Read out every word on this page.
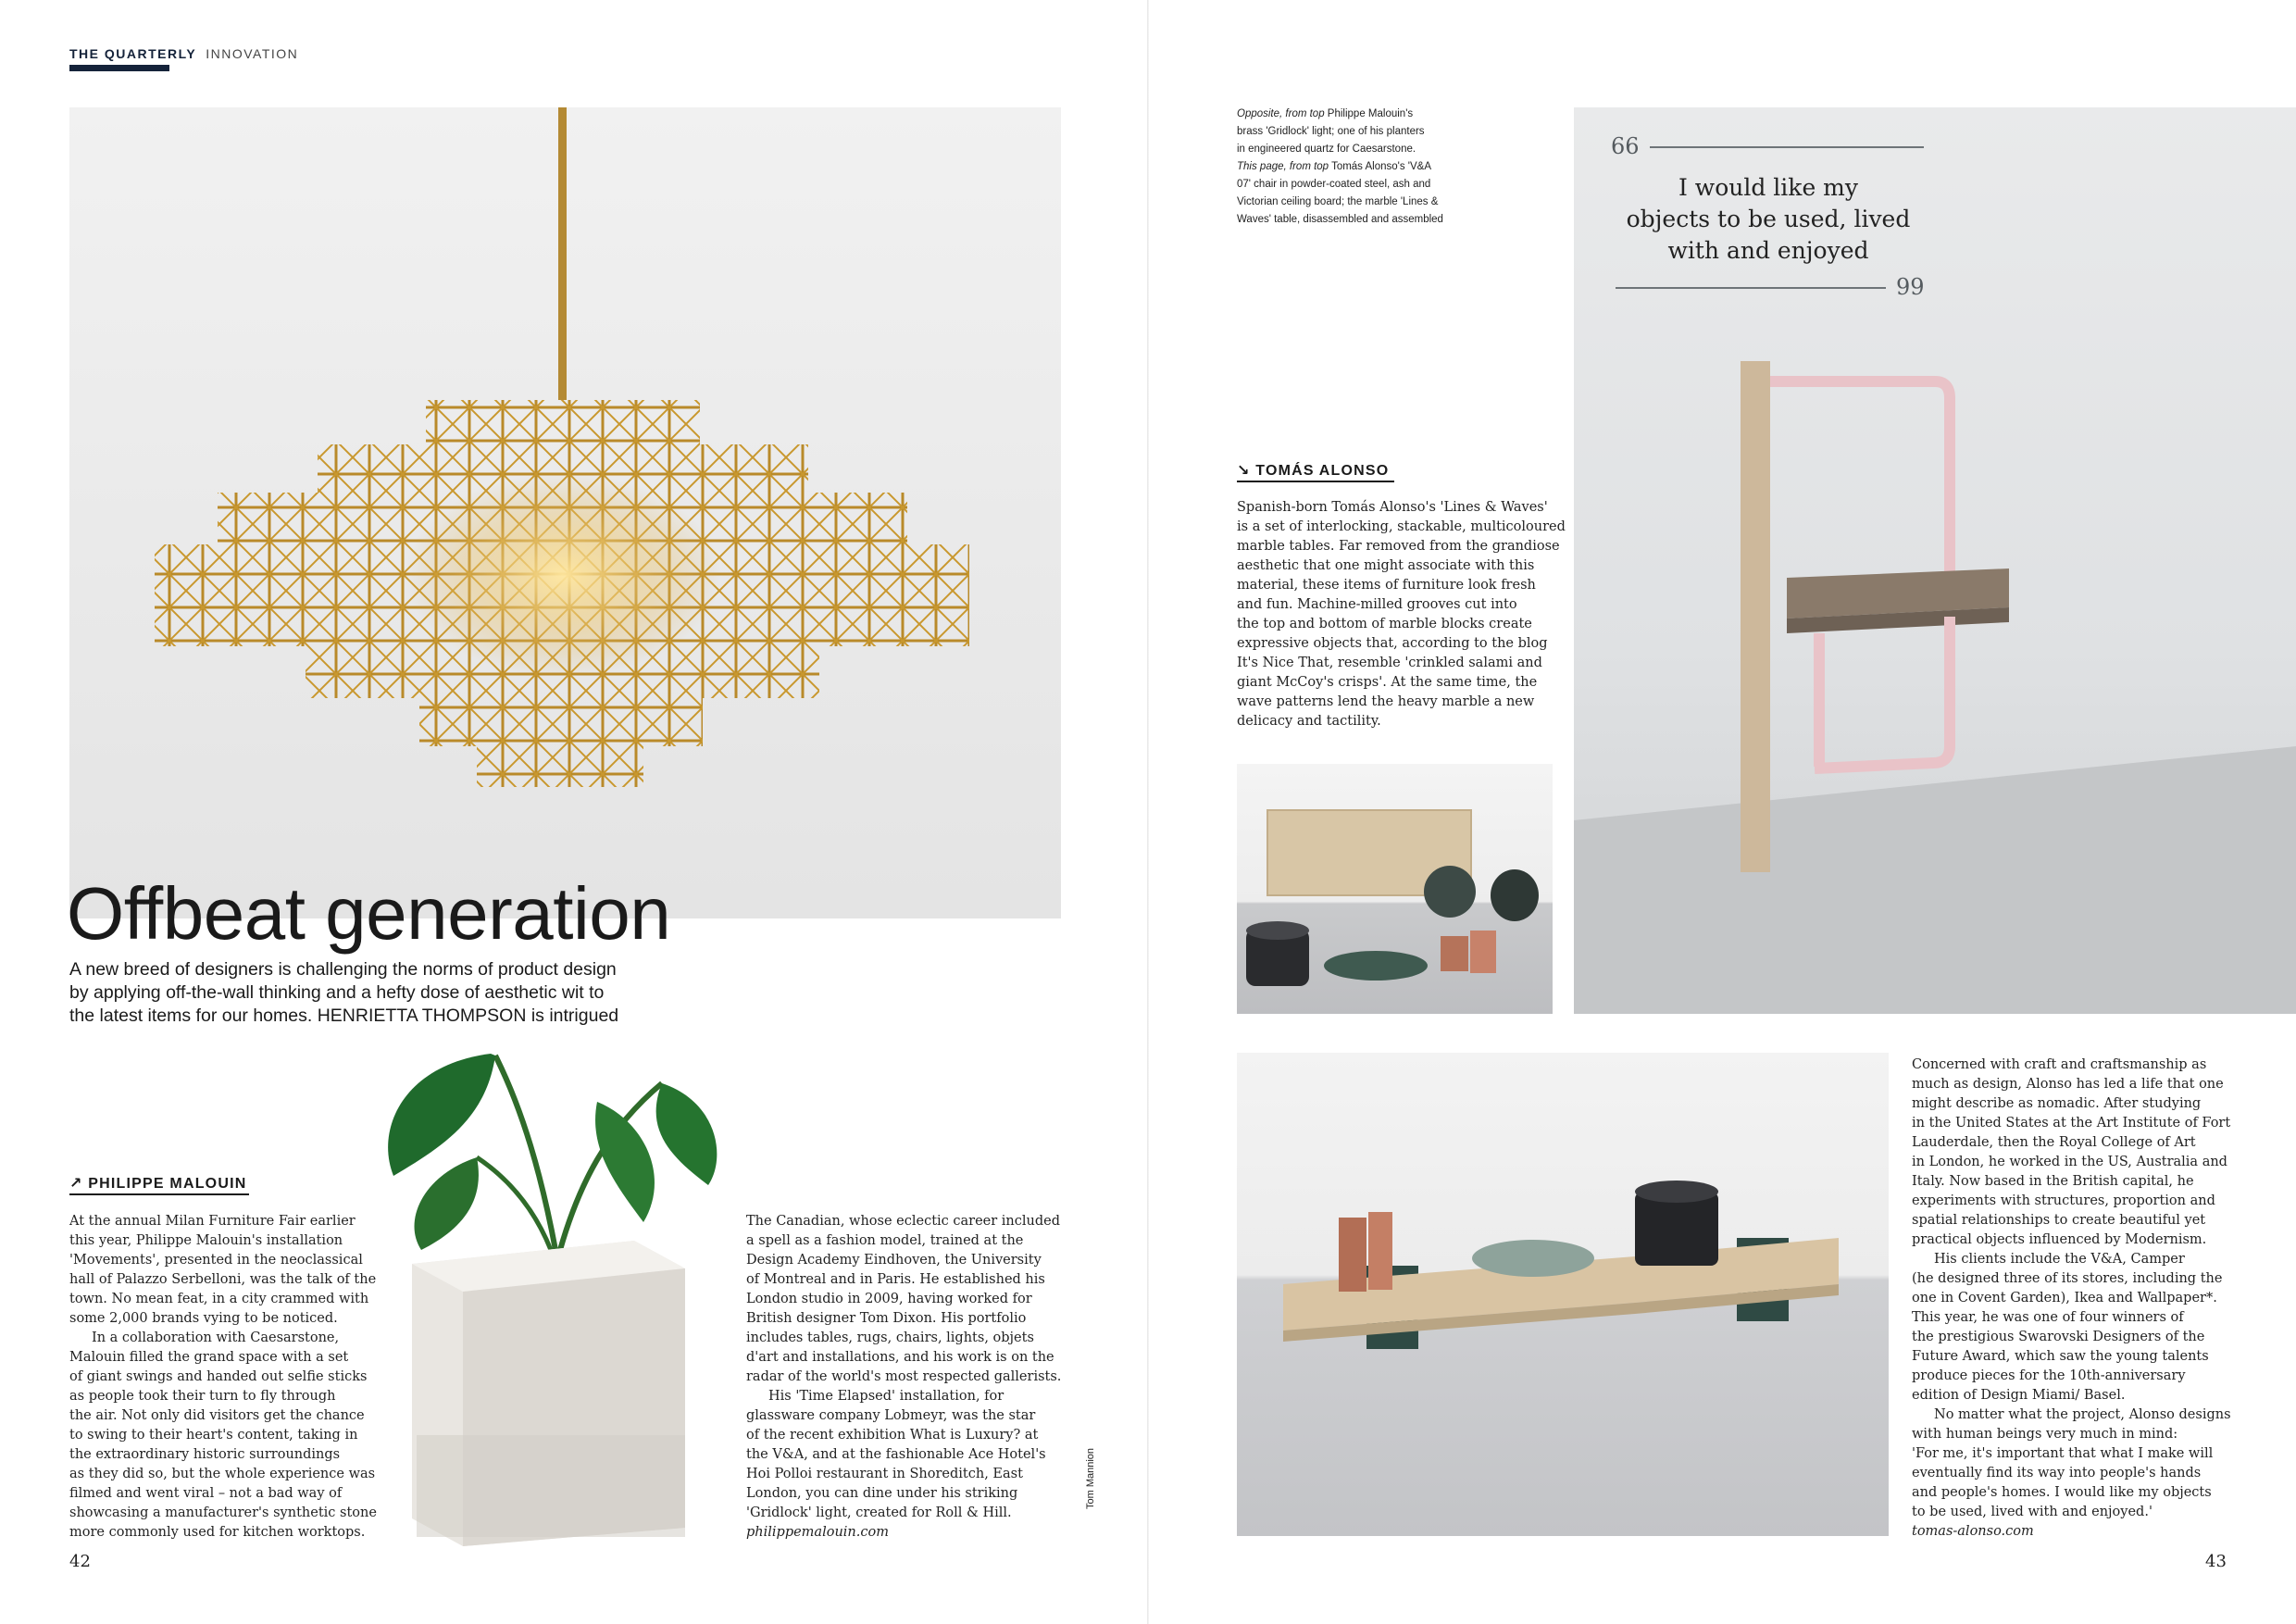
THE QUARTERLY INNOVATION
Offbeat generation

A new breed of designers is challenging the norms of product design

by applying off-the-wall thinking and a hefty dose of aesthetic wit to

the latest items for our homes. HENRIETTA THOMPSON is intrigued

Tom Mannion
↗ PHILIPPE MALOUIN

At the annual Milan Furniture Fair earlier

this year, Philippe Malouin's installation

'Movements', presented in the neoclassical

hall of Palazzo Serbelloni, was the talk of the

town. No mean feat, in a city crammed with

some 2,000 brands vying to be noticed.

In a collaboration with Caesarstone,

Malouin filled the grand space with a set

of giant swings and handed out selfie sticks

as people took their turn to fly through

the air. Not only did visitors get the chance

to swing to their heart's content, taking in

the extraordinary historic surroundings

as they did so, but the whole experience was

filmed and went viral – not a bad way of

showcasing a manufacturer's synthetic stone

more commonly used for kitchen worktops.

The Canadian, whose eclectic career included

a spell as a fashion model, trained at the

Design Academy Eindhoven, the University

of Montreal and in Paris. He established his

London studio in 2009, having worked for

British designer Tom Dixon. His portfolio

includes tables, rugs, chairs, lights, objets

d'art and installations, and his work is on the

radar of the world's most respected gallerists.

His 'Time Elapsed' installation, for

glassware company Lobmeyr, was the star

of the recent exhibition What is Luxury? at

the V&A, and at the fashionable Ace Hotel's

Hoi Polloi restaurant in Shoreditch, East

London, you can dine under his striking

'Gridlock' light, created for Roll & Hill.

philippemalouin.com

42

Opposite, from top Philippe Malouin's

brass 'Gridlock' light; one of his planters

in engineered quartz for Caesarstone.

This page, from top Tomás Alonso's 'V&A

07' chair in powder-coated steel, ash and

Victorian ceiling board; the marble 'Lines &

Waves' table, disassembled and assembled

↘ TOMÁS ALONSO

Spanish-born Tomás Alonso's 'Lines & Waves'

is a set of interlocking, stackable, multicoloured

marble tables. Far removed from the grandiose

aesthetic that one might associate with this

material, these items of furniture look fresh

and fun. Machine-milled grooves cut into

the top and bottom of marble blocks create

expressive objects that, according to the blog

It's Nice That, resemble 'crinkled salami and

giant McCoy's crisps'. At the same time, the

wave patterns lend the heavy marble a new

delicacy and tactility.

66

I would like my

objects to be used, lived

with and enjoyed

99

Concerned with craft and craftsmanship as

much as design, Alonso has led a life that one

might describe as nomadic. After studying

in the United States at the Art Institute of Fort

Lauderdale, then the Royal College of Art

in London, he worked in the US, Australia and

Italy. Now based in the British capital, he

experiments with structures, proportion and

spatial relationships to create beautiful yet

practical objects influenced by Modernism.

His clients include the V&A, Camper

(he designed three of its stores, including the

one in Covent Garden), Ikea and Wallpaper*.

This year, he was one of four winners of

the prestigious Swarovski Designers of the

Future Award, which saw the young talents

produce pieces for the 10th-anniversary

edition of Design Miami/ Basel.

No matter what the project, Alonso designs

with human beings very much in mind:

'For me, it's important that what I make will

eventually find its way into people's hands

and people's homes. I would like my objects

to be used, lived with and enjoyed.'

tomas-alonso.com

43
